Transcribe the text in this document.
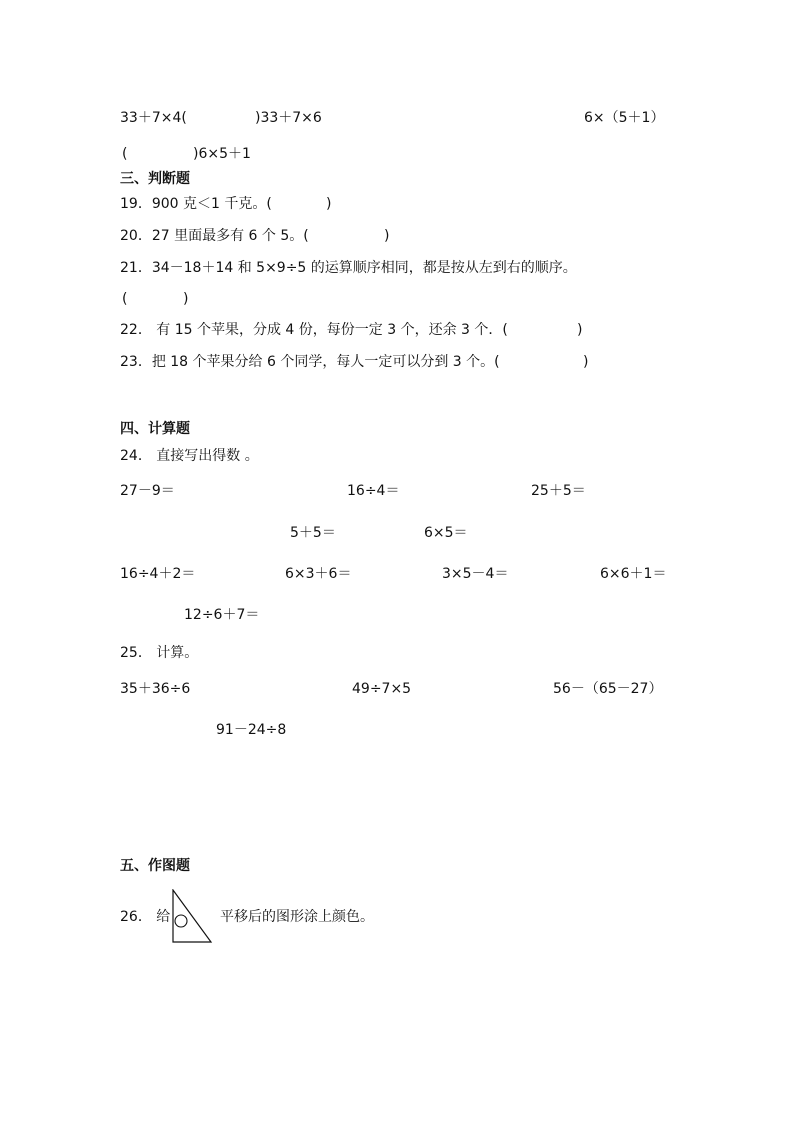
33＋7×4(	)33＋7×6	6×（5＋1）
(	)6×5＋1
三、判断题
19．900 克＜1 千克。(	)
20．27 里面最多有 6 个 5。(	)
21．34－18＋14 和 5×9÷5 的运算顺序相同，都是按从左到右的顺序。
(	)
22． 有 15 个苹果，分成 4 份，每份一定 3 个，还余 3 个．(	)
23．把 18 个苹果分给 6 个同学，每人一定可以分到 3 个。(	)
四、计算题
24． 直接写出得数 。
27－9＝	16÷4＝	25＋5＝
5＋5＝	6×5＝
16÷4＋2＝	6×3＋6＝	3×5－4＝	6×6＋1＝
12÷6＋7＝
25． 计算。
35＋36÷6	49÷7×5	56－（65－27）
91－24÷8
五、作图题
26． 给	平移后的图形涂上颜色。
